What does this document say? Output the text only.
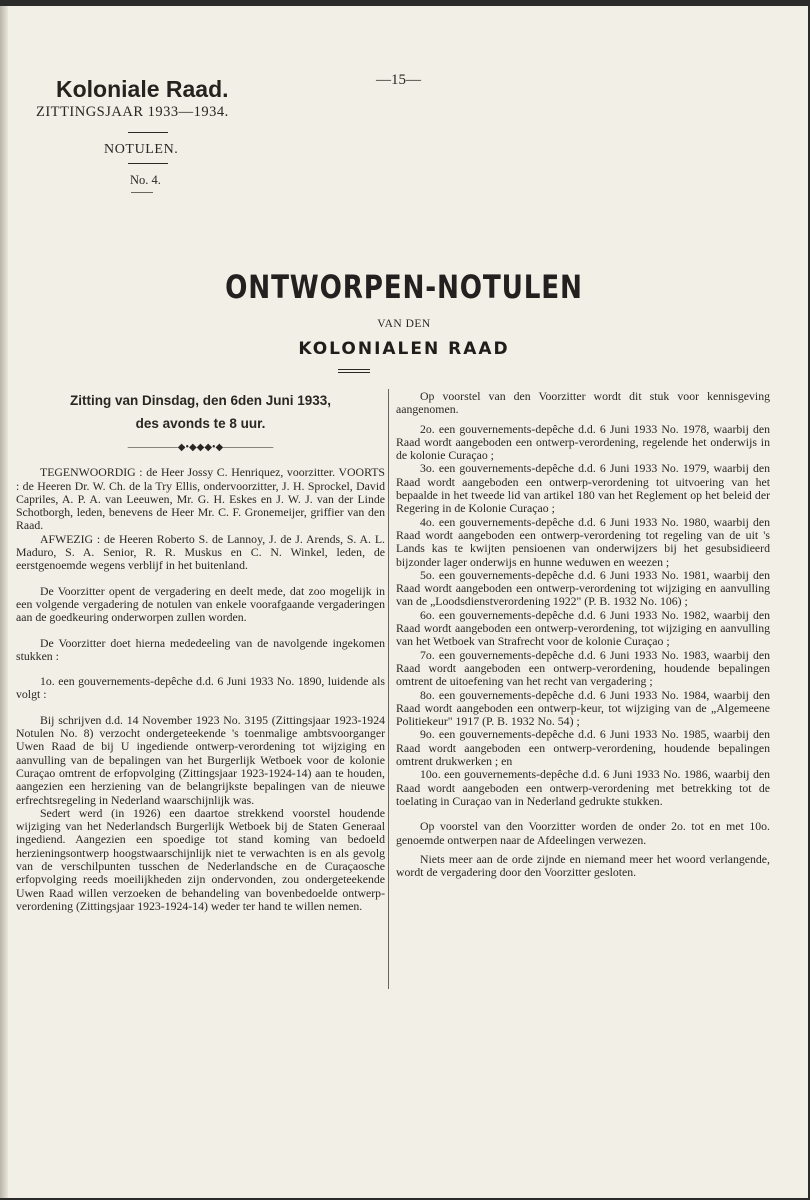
Koloniale Raad.
ZITTINGSJAAR 1933—1934.
—15—
NOTULEN.
No. 4.
ONTWORPEN-NOTULEN
VAN DEN
KOLONIALEN RAAD
Zitting van Dinsdag, den 6den Juni 1933,
des avonds te 8 uur.
—————◆•◆◆◆•◆—————

TEGENWOORDIG : de Heer Jossy C. Henriquez, voorzitter. VOORTS : de Heeren Dr. W. Ch. de la Try Ellis, ondervoorzitter, J. H. Sprockel, David Capriles, A. P. A. van Leeuwen, Mr. G. H. Eskes en J. W. J. van der Linde Schotborgh, leden, benevens de Heer Mr. C. F. Gronemeijer, griffier van den Raad.

AFWEZIG : de Heeren Roberto S. de Lannoy, J. de J. Arends, S. A. L. Maduro, S. A. Senior, R. R. Muskus en C. N. Winkel, leden, de eerstgenoemde wegens verblijf in het buitenland.

De Voorzitter opent de vergadering en deelt mede, dat zoo mogelijk in een volgende vergadering de notulen van enkele voorafgaande vergaderingen aan de goedkeuring onderworpen zullen worden.

De Voorzitter doet hierna mededeeling van de navolgende ingekomen stukken :

1o. een gouvernements-depêche d.d. 6 Juni 1933 No. 1890, luidende als volgt :

Bij schrijven d.d. 14 November 1923 No. 3195 (Zittingsjaar 1923-1924 Notulen No. 8) verzocht ondergeteekende 's toenmalige ambtsvoorganger Uwen Raad de bij U ingediende ontwerp-verordening tot wijziging en aanvulling van de bepalingen van het Burgerlijk Wetboek voor de kolonie Curaçao omtrent de erfopvolging (Zittingsjaar 1923-1924-14) aan te houden, aangezien een herziening van de belangrijkste bepalingen van de nieuwe erfrechtsregeling in Nederland waarschijnlijk was.

Sedert werd (in 1926) een daartoe strekkend voorstel houdende wijziging van het Nederlandsch Burgerlijk Wetboek bij de Staten Generaal ingediend. Aangezien een spoedige tot stand koming van bedoeld herzieningsontwerp hoogstwaarschijnlijk niet te verwachten is en als gevolg van de verschilpunten tusschen de Nederlandsche en de Curaçaosche erfopvolging reeds moeilijkheden zijn ondervonden, zou ondergeteekende Uwen Raad willen verzoeken de behandeling van bovenbedoelde ontwerp-verordening (Zittingsjaar 1923-1924-14) weder ter hand te willen nemen.

Op voorstel van den Voorzitter wordt dit stuk voor kennisgeving aangenomen.

2o. een gouvernements-depêche d.d. 6 Juni 1933 No. 1978, waarbij den Raad wordt aangeboden een ontwerp-verordening, regelende het onderwijs in de kolonie Curaçao ;

3o. een gouvernements-depêche d.d. 6 Juni 1933 No. 1979, waarbij den Raad wordt aangeboden een ontwerp-verordening tot uitvoering van het bepaalde in het tweede lid van artikel 180 van het Reglement op het beleid der Regering in de Kolonie Curaçao ;

4o. een gouvernements-depêche d.d. 6 Juni 1933 No. 1980, waarbij den Raad wordt aangeboden een ontwerp-verordening tot regeling van de uit 's Lands kas te kwijten pensioenen van onderwijzers bij het gesubsidieerd bijzonder lager onderwijs en hunne weduwen en weezen ;

5o. een gouvernements-depêche d.d. 6 Juni 1933 No. 1981, waarbij den Raad wordt aangeboden een ontwerp-verordening tot wijziging en aanvulling van de „Loodsdienstverordening 1922" (P. B. 1932 No. 106) ;

6o. een gouvernements-depêche d.d. 6 Juni 1933 No. 1982, waarbij den Raad wordt aangeboden een ontwerp-verordening, tot wijziging en aanvulling van het Wetboek van Strafrecht voor de kolonie Curaçao ;

7o. een gouvernements-depêche d.d. 6 Juni 1933 No. 1983, waarbij den Raad wordt aangeboden een ontwerp-verordening, houdende bepalingen omtrent de uitoefening van het recht van vergadering ;

8o. een gouvernements-depêche d.d. 6 Juni 1933 No. 1984, waarbij den Raad wordt aangeboden een ontwerp-keur, tot wijziging van de „Algemeene Politiekeur" 1917 (P. B. 1932 No. 54) ;

9o. een gouvernements-depêche d.d. 6 Juni 1933 No. 1985, waarbij den Raad wordt aangeboden een ontwerp-verordening, houdende bepalingen omtrent drukwerken ; en

10o. een gouvernements-depêche d.d. 6 Juni 1933 No. 1986, waarbij den Raad wordt aangeboden een ontwerp-verordening met betrekking tot de toelating in Curaçao van in Nederland gedrukte stukken.

Op voorstel van den Voorzitter worden de onder 2o. tot en met 10o. genoemde ontwerpen naar de Afdeelingen verwezen.

Niets meer aan de orde zijnde en niemand meer het woord verlangende, wordt de vergadering door den Voorzitter gesloten.
